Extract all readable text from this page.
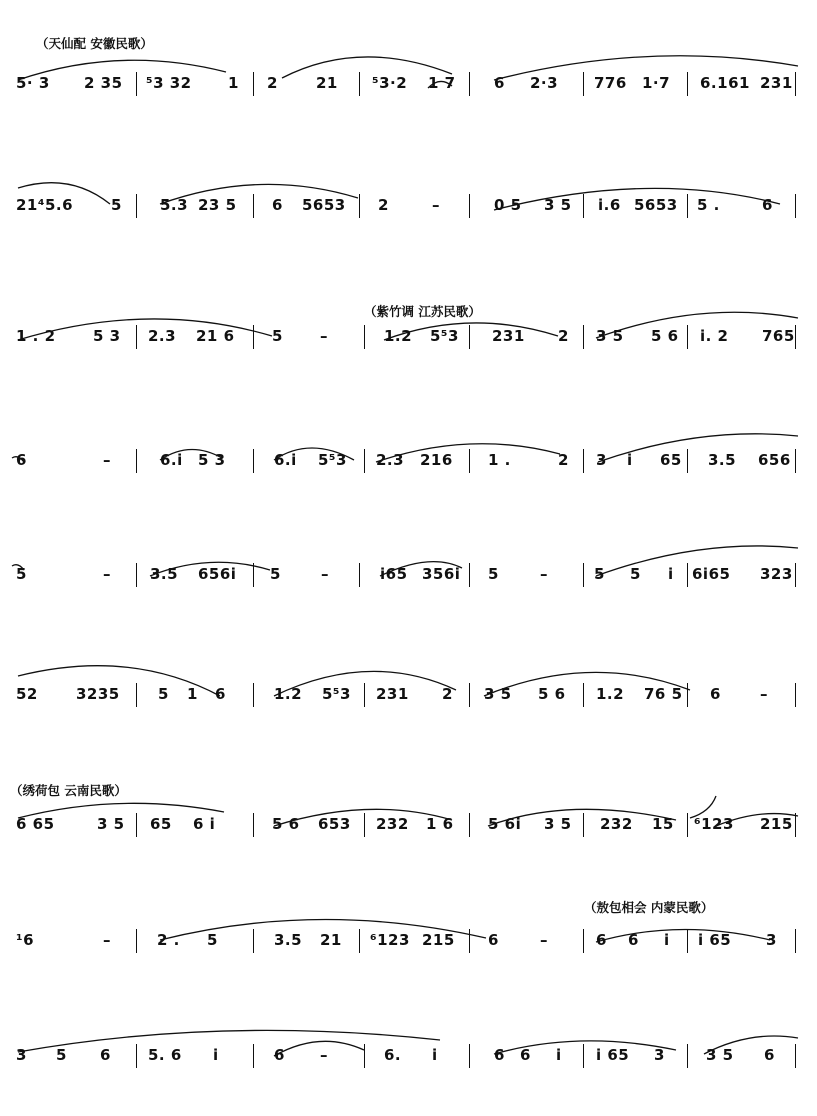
（天仙配 安徽民歌）
（紫竹调 江苏民歌）
（绣荷包 云南民歌）
（敖包相会 内蒙民歌）
5· 3 2 35 ⁵3 32 1 2	21 ⁵3·2 1 7	6 2·3 776 1·7 6.161 231
21⁴5.6	5	5.3 23 5 6 5653 2	–	0 5 3 5 i.6 5653 5 .	6
1 . 2 5 3 2.3 21 6 5 –	1.2 5⁵3 231 2 3 5 5 6 i. 2 765
6	–	6.i 5 3	6.i 5⁵3 2.3 216 1 .	2 3 i 65 3.5 656
5	–	3.5 656i 5	–	i65 356i 5	–	5 5 i 6i65 323
52	3235	5 1 6	1.2 5⁵3 231 2 3 5 5 6 1.2 76 5 6	–
6 65	3 5 65 6 i	5 6 653 232 1 6 5 6i 3 5 232 15 ⁶123 215
¹6	–	2 . 5	3.5 21 ⁶123 215 6	–	6 6 i i 65 3
3 5 6 5. 6 i	6 –	6. i	6 6 i i 65 3	3 5 6
